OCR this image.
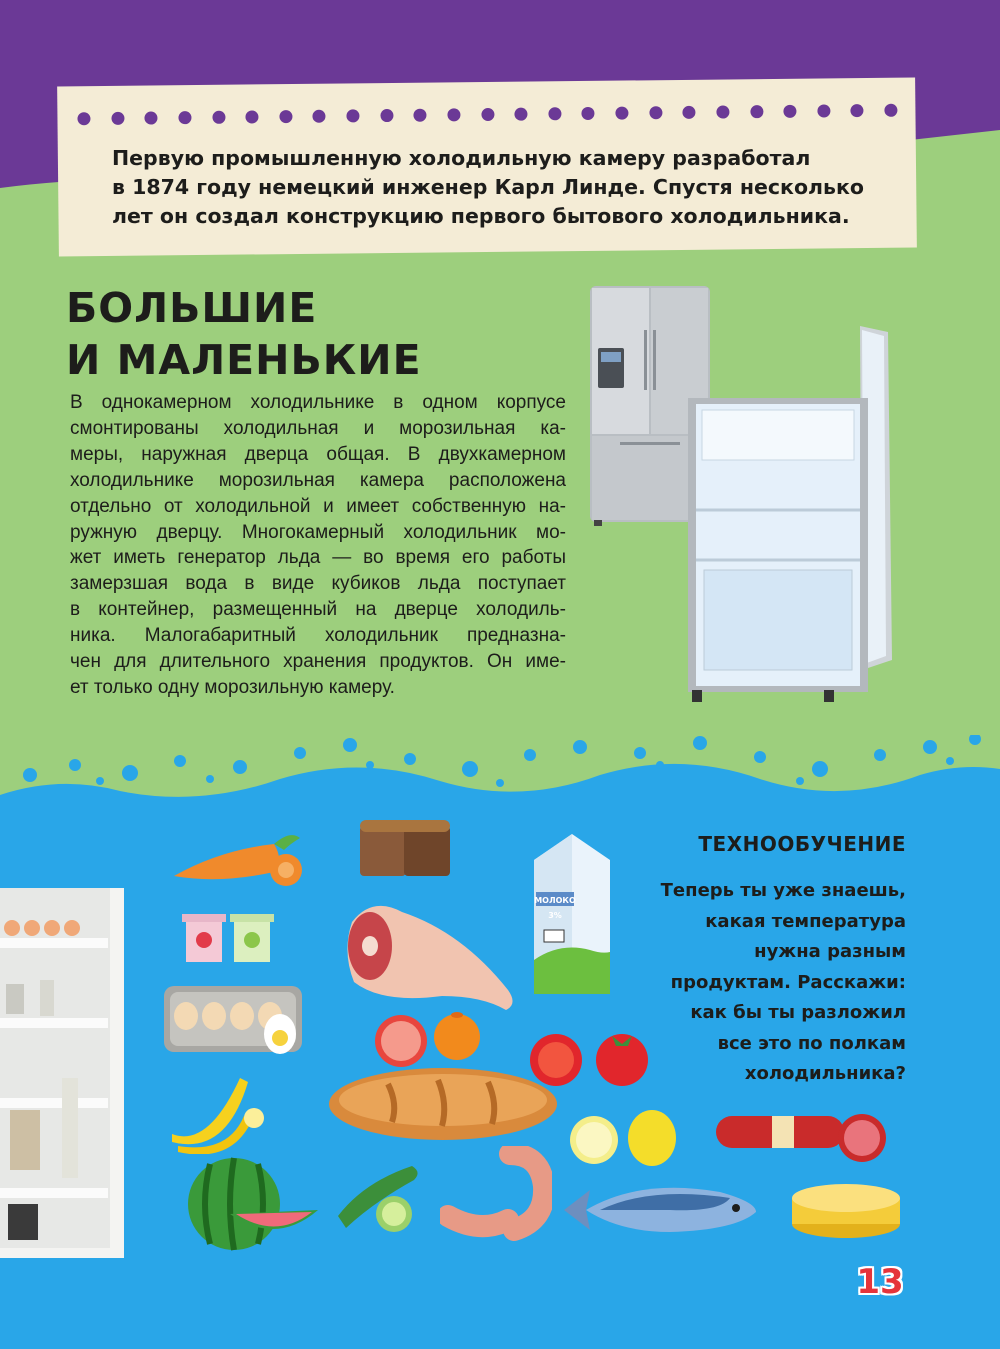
Первую промышленную холодильную камеру разработал
в 1874 году немецкий инженер Карл Линде. Спустя несколько
лет он создал конструкцию первого бытового холодильника.
БОЛЬШИЕ
И МАЛЕНЬКИЕ
В однокамерном холодильнике в одном корпусе
смонтированы холодильная и морозильная ка-
меры, наружная дверца общая. В двухкамерном
холодильнике морозильная камера расположена
отдельно от холодильной и имеет собственную на-
ружную дверцу. Многокамерный холодильник мо-
жет иметь генератор льда — во время его работы
замерзшая вода в виде кубиков льда поступает
в контейнер, размещенный на дверце холодиль-
ника. Малогабаритный холодильник предназна-
чен для длительного хранения продуктов. Он име-
ет только одну морозильную камеру.
МОЛОКО
3%
ТЕХНООБУЧЕНИЕ
Теперь ты уже знаешь,
какая температура
нужна разным
продуктам. Расскажи:
как бы ты разложил
все это по полкам
холодильника?
13
